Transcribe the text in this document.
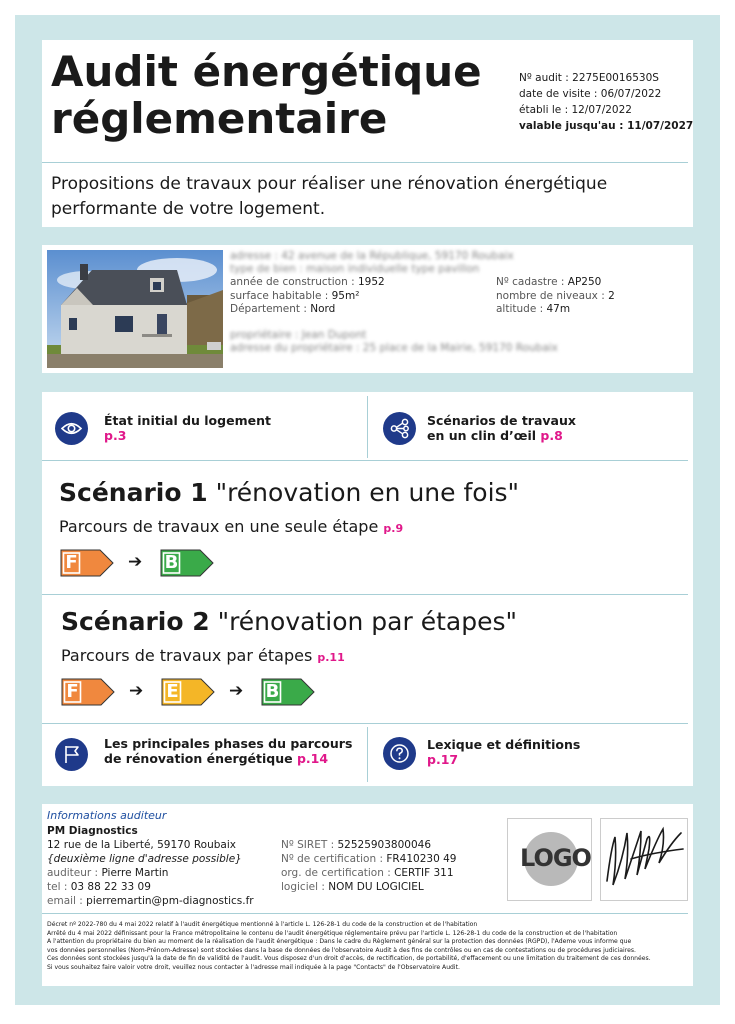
Audit énergétique
réglementaire
Nº audit : 2275E0016530S
date de visite : 06/07/2022
établi le : 12/07/2022
valable jusqu'au : 11/07/2027
Propositions de travaux pour réaliser une rénovation énergétique
performante de votre logement.
adresse : 42 avenue de la République, 59170 Roubaix
type de bien : maison individuelle type pavillon
année de construction : 1952
surface habitable : 95m²
Département : Nord
Nº cadastre : AP250
nombre de niveaux : 2
altitude : 47m
propriétaire : Jean Dupont
adresse du propriétaire : 25 place de la Mairie, 59170 Roubaix
État initial du logement
p.3
Scénarios de travaux
en un clin d’œil p.8
Scénario 1 "rénovation en une fois"
Parcours de travaux en une seule étape p.9
F	➔ B
Scénario 2 "rénovation par étapes"
Parcours de travaux par étapes p.11
F	➔ E	➔ B
Les principales phases du parcours
de rénovation énergétique p.14
Lexique et définitions
p.17
Informations auditeur
PM Diagnostics
12 rue de la Liberté, 59170 Roubaix
{deuxième ligne d'adresse possible}
auditeur : Pierre Martin
tel : 03 88 22 33 09
email : pierremartin@pm-diagnostics.fr
Nº SIRET : 52525903800046
Nº de certification : FR410230 49
org. de certification : CERTIF 311
logiciel : NOM DU LOGICIEL
LOGO
Décret nº 2022-780 du 4 mai 2022 relatif à l'audit énergétique mentionné à l'article L. 126-28-1 du code de la construction et de l'habitation
Arrêté du 4 mai 2022 définissant pour la France métropolitaine le contenu de l'audit énergétique réglementaire prévu par l'article L. 126-28-1 du code de la construction et de l'habitation
A l'attention du propriétaire du bien au moment de la réalisation de l'audit énergétique : Dans le cadre du Règlement général sur la protection des données (RGPD), l'Ademe vous informe que
vos données personnelles (Nom-Prénom-Adresse) sont stockées dans la base de données de l'observatoire Audit à des fins de contrôles ou en cas de contestations ou de procédures judiciaires.
Ces données sont stockées jusqu'à la date de fin de validité de l'audit. Vous disposez d'un droit d'accès, de rectification, de portabilité, d'effacement ou une limitation du traitement de ces données.
Si vous souhaitez faire valoir votre droit, veuillez nous contacter à l'adresse mail indiquée à la page "Contacts" de l'Observatoire Audit.
